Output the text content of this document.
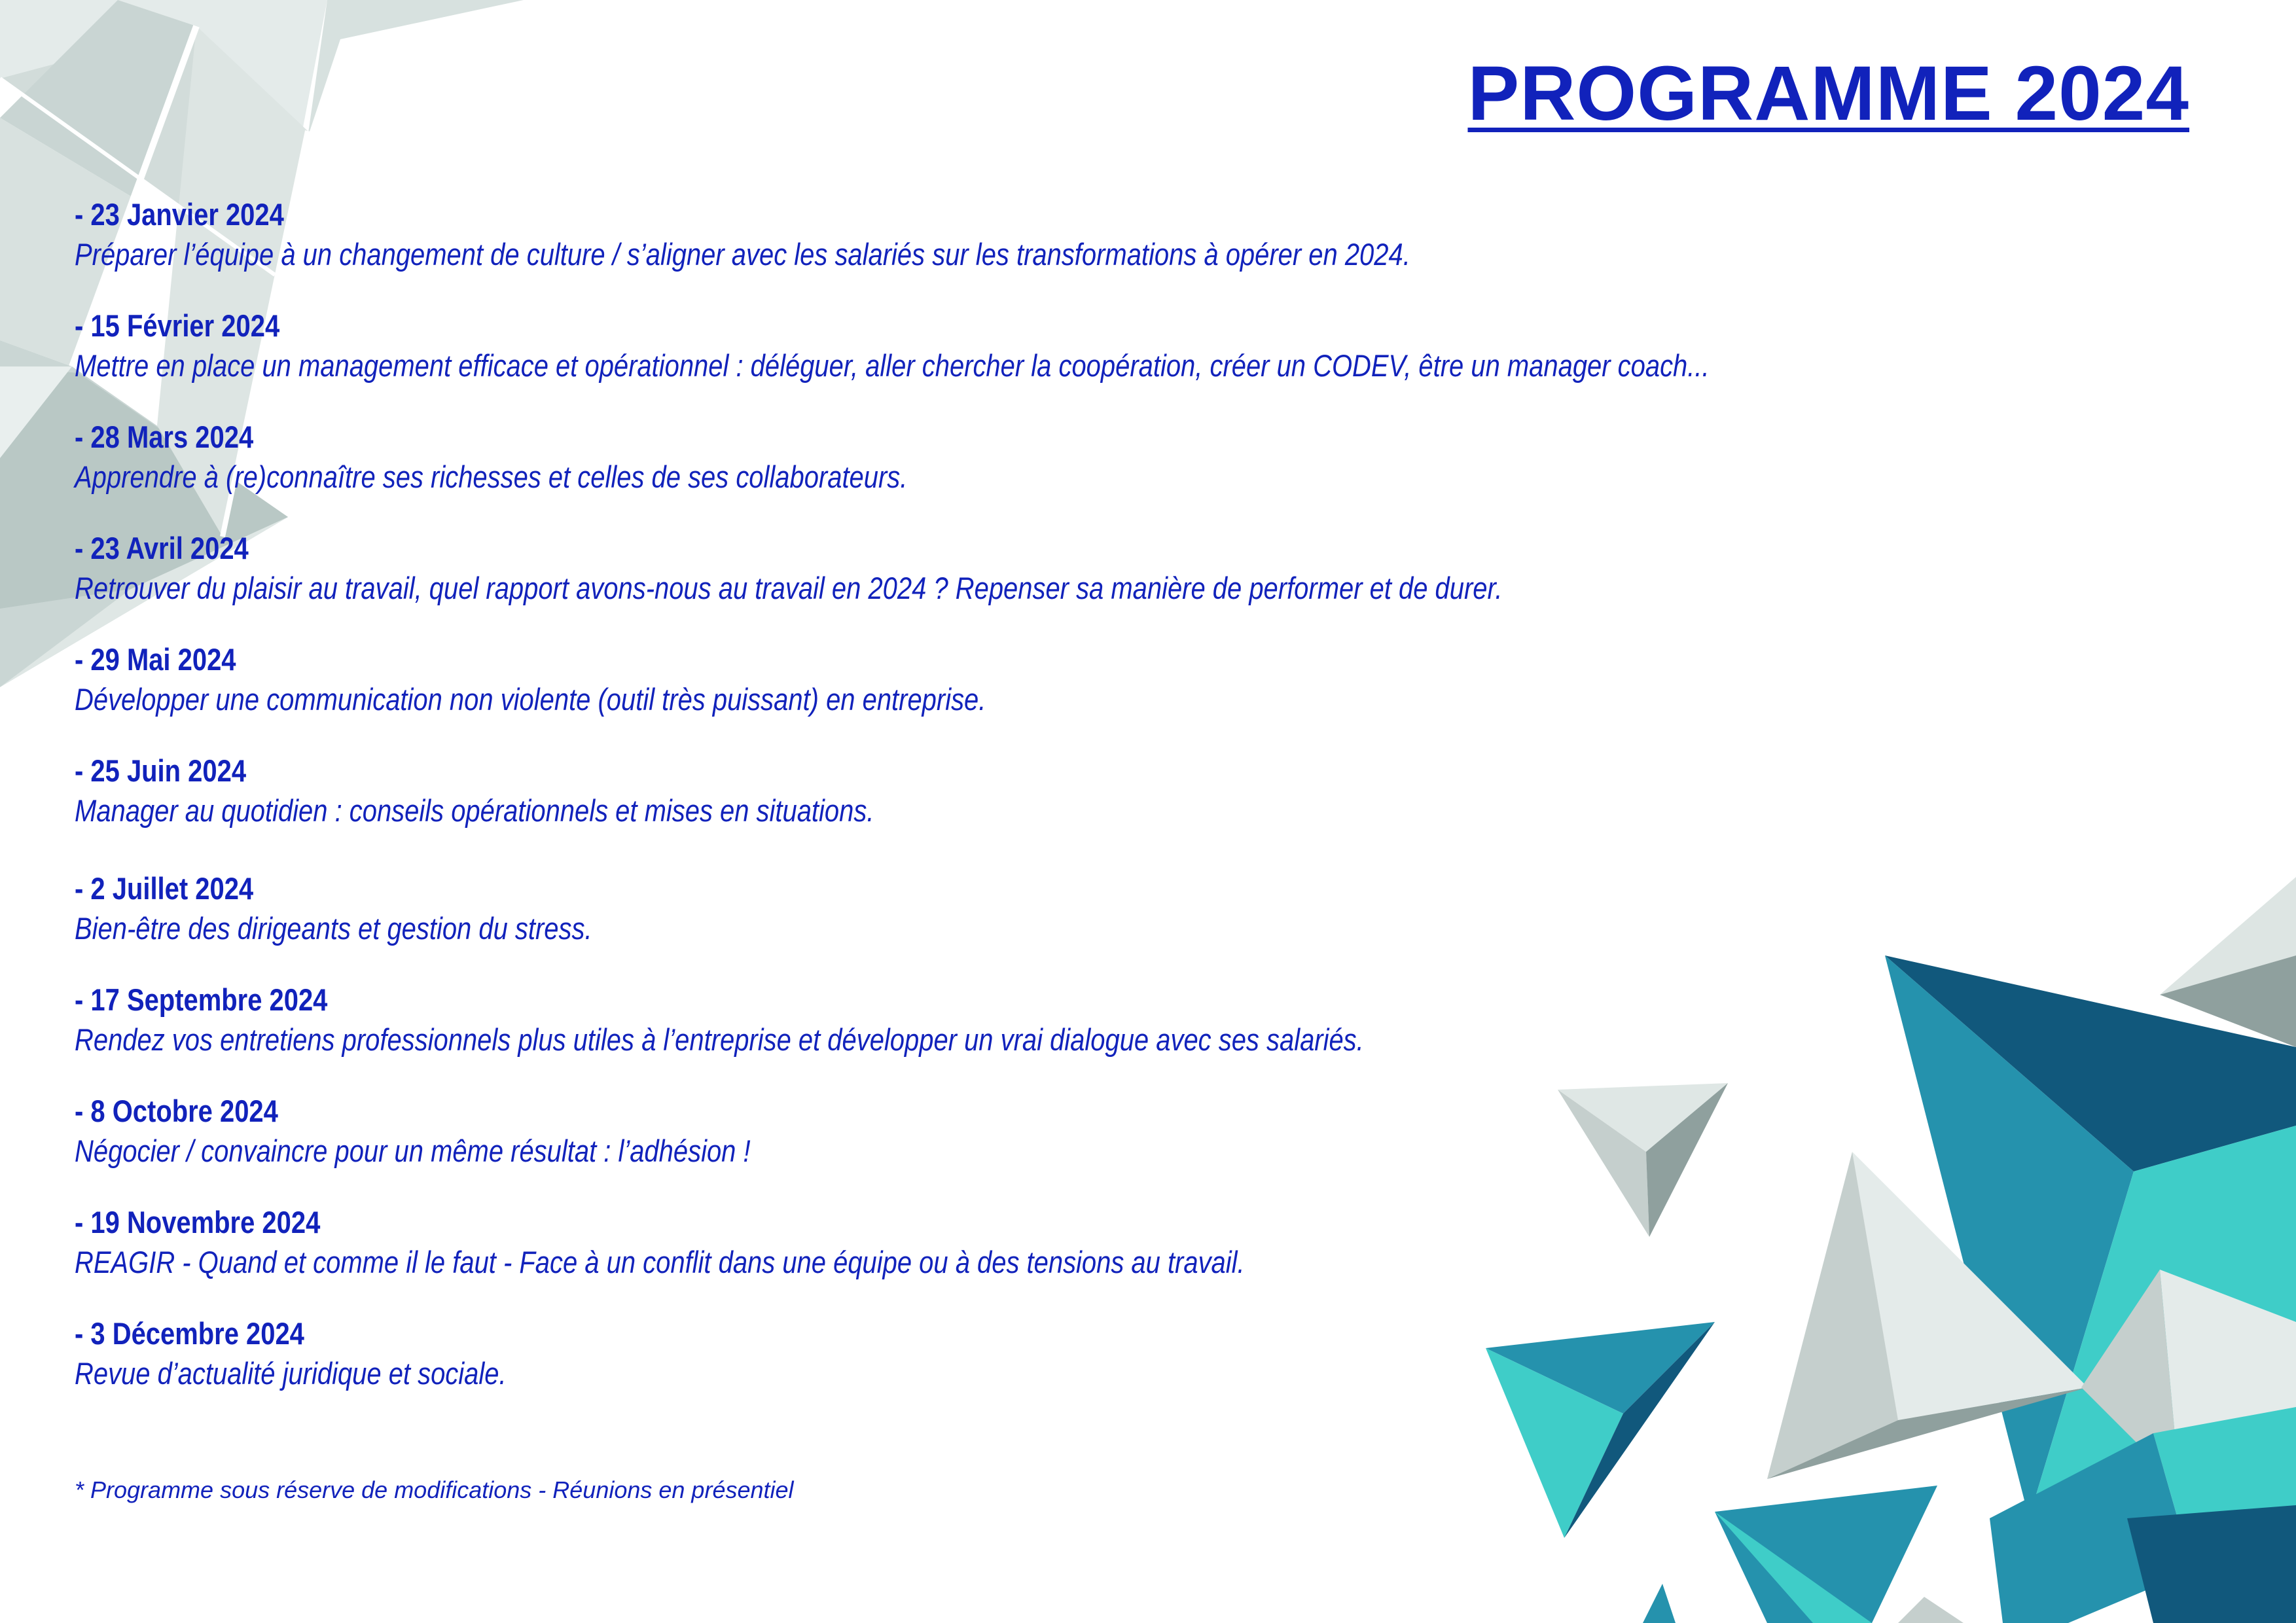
PROGRAMME 2024
- 23 Janvier 2024
Préparer l’équipe à un changement de culture / s’aligner avec les salariés sur les transformations à opérer en 2024.
- 15 Février 2024
Mettre en place un management efficace et opérationnel : déléguer, aller chercher la coopération, créer un CODEV, être un manager coach...
- 28 Mars 2024
Apprendre à (re)connaître ses richesses et celles de ses collaborateurs.
- 23 Avril 2024
Retrouver du plaisir au travail, quel rapport avons-nous au travail en 2024 ? Repenser sa manière de performer et de durer.
- 29 Mai 2024
Développer une communication non violente (outil très puissant) en entreprise.
- 25 Juin 2024
Manager au quotidien : conseils opérationnels et mises en situations.
- 2 Juillet 2024
Bien-être des dirigeants et gestion du stress.
- 17 Septembre 2024
Rendez vos entretiens professionnels plus utiles à l’entreprise et développer un vrai dialogue avec ses salariés.
- 8 Octobre 2024
Négocier / convaincre pour un même résultat : l’adhésion !
- 19 Novembre 2024
REAGIR - Quand et comme il le faut - Face à un conflit dans une équipe ou à des tensions au travail.
- 3 Décembre 2024
Revue d’actualité juridique et sociale.
* Programme sous réserve de modifications - Réunions en présentiel
